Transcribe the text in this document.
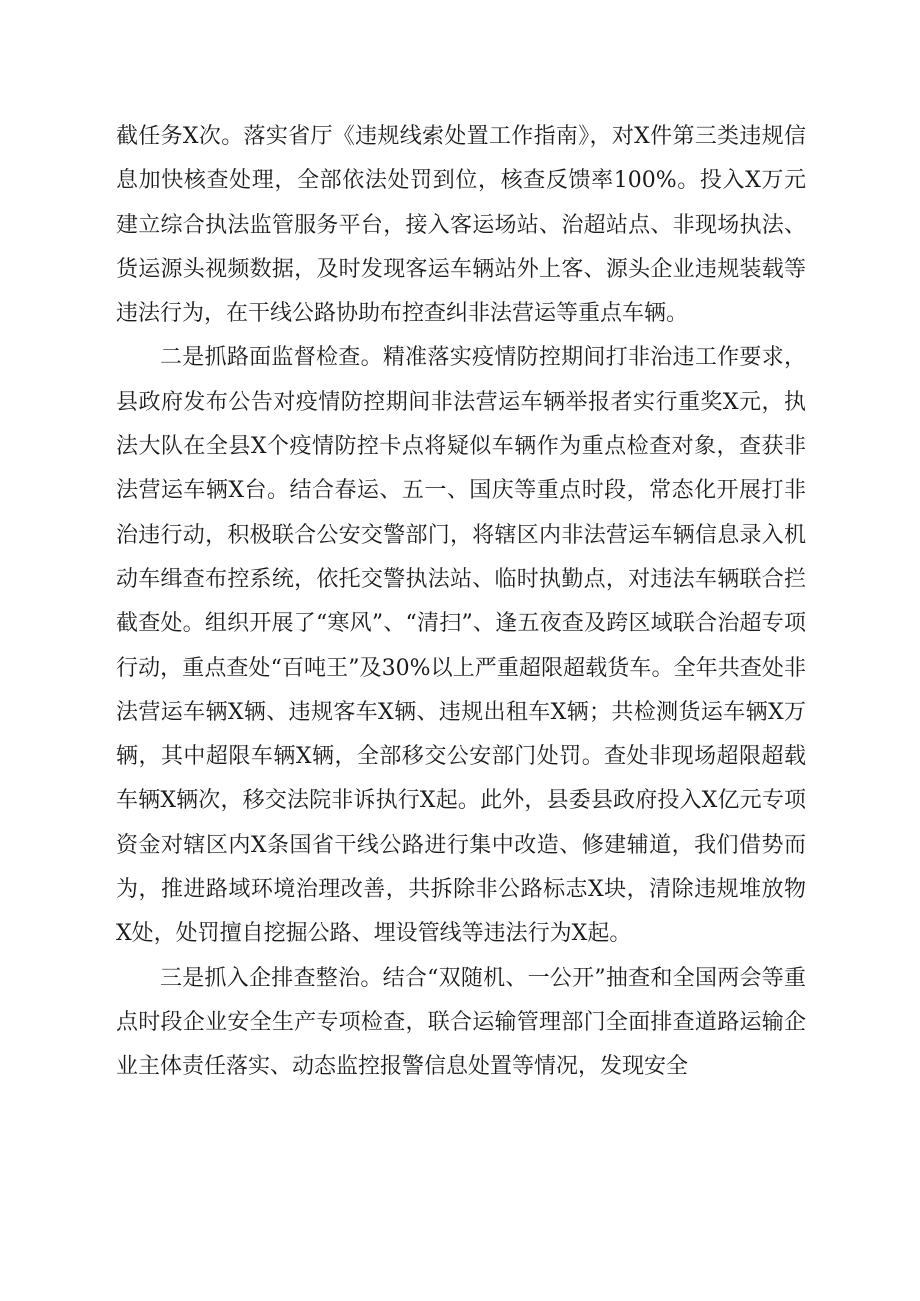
截任务X次。落实省厅《违规线索处置工作指南》，对X件第三类违规信息加快核查处理，全部依法处罚到位，核查反馈率100%。投入X万元建立综合执法监管服务平台，接入客运场站、治超站点、非现场执法、货运源头视频数据，及时发现客运车辆站外上客、源头企业违规装载等违法行为，在干线公路协助布控查纠非法营运等重点车辆。

二是抓路面监督检查。精准落实疫情防控期间打非治违工作要求，县政府发布公告对疫情防控期间非法营运车辆举报者实行重奖X元，执法大队在全县X个疫情防控卡点将疑似车辆作为重点检查对象，查获非法营运车辆X台。结合春运、五一、国庆等重点时段，常态化开展打非治违行动，积极联合公安交警部门，将辖区内非法营运车辆信息录入机动车缉查布控系统，依托交警执法站、临时执勤点，对违法车辆联合拦截查处。组织开展了“寒风”、“清扫”、逢五夜查及跨区域联合治超专项行动，重点查处“百吨王”及30%以上严重超限超载货车。全年共查处非法营运车辆X辆、违规客车X辆、违规出租车X辆；共检测货运车辆X万辆，其中超限车辆X辆，全部移交公安部门处罚。查处非现场超限超载车辆X辆次，移交法院非诉执行X起。此外，县委县政府投入X亿元专项资金对辖区内X条国省干线公路进行集中改造、修建辅道，我们借势而为，推进路域环境治理改善，共拆除非公路标志X块，清除违规堆放物X处，处罚擅自挖掘公路、埋设管线等违法行为X起。

三是抓入企排查整治。结合“双随机、一公开”抽查和全国两会等重点时段企业安全生产专项检查，联合运输管理部门全面排查道路运输企业主体责任落实、动态监控报警信息处置等情况，发现安全
